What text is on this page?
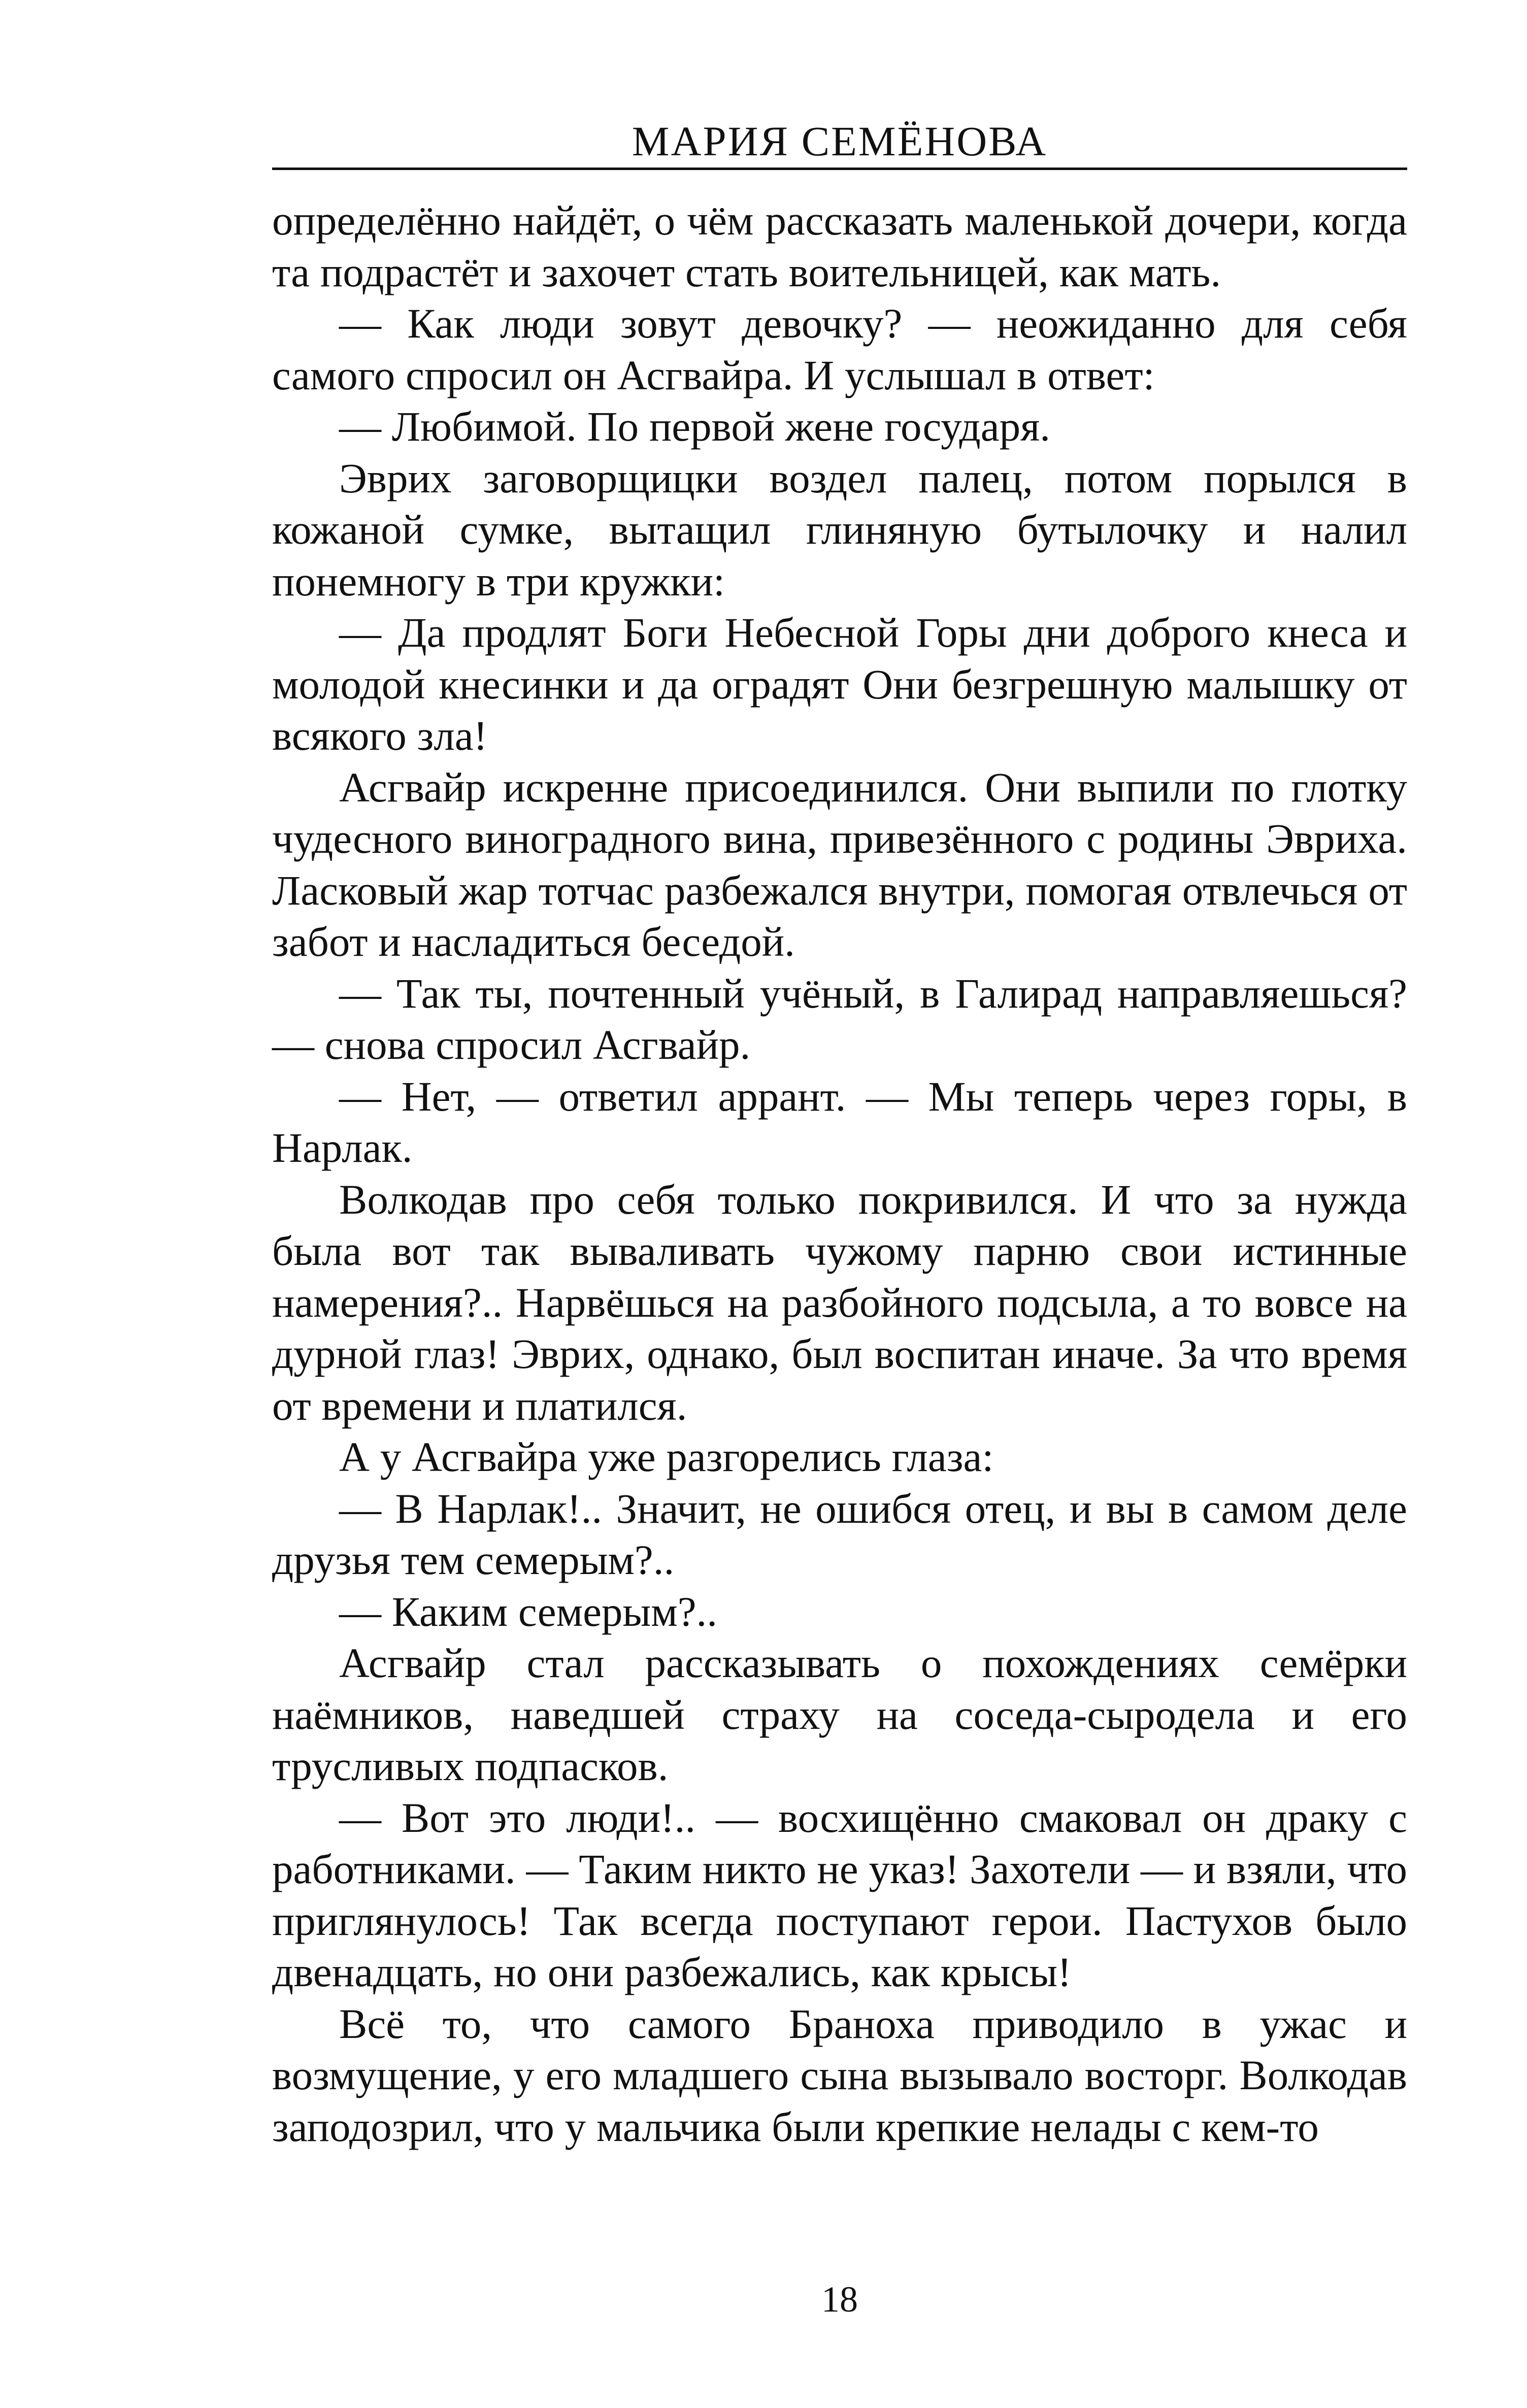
МАРИЯ СЕМЁНОВА

определённо найдёт, о чём рассказать маленькой дочери, когда та подрастёт и захочет стать воительницей, как мать.

— Как люди зовут девочку? — неожиданно для себя самого спросил он Асгвайра. И услышал в ответ:

— Любимой. По первой жене государя.

Эврих заговорщицки воздел палец, потом порылся в кожаной сумке, вытащил глиняную бутылочку и налил понемногу в три кружки:

— Да продлят Боги Небесной Горы дни доброго кнеса и молодой кнесинки и да оградят Они безгрешную малышку от всякого зла!

Асгвайр искренне присоединился. Они выпили по глотку чудесного виноградного вина, привезённого с родины Эвриха. Ласковый жар тотчас разбежался внутри, помогая отвлечься от забот и насладиться беседой.

— Так ты, почтенный учёный, в Галирад направляешься? — снова спросил Асгвайр.

— Нет, — ответил аррант. — Мы теперь через горы, в Нарлак.

Волкодав про себя только покривился. И что за нужда была вот так вываливать чужому парню свои истинные намерения?.. Нарвёшься на разбойного подсыла, а то вовсе на дурной глаз! Эврих, однако, был воспитан иначе. За что время от времени и платился.

А у Асгвайра уже разгорелись глаза:

— В Нарлак!.. Значит, не ошибся отец, и вы в самом деле друзья тем семерым?..

— Каким семерым?..

Асгвайр стал рассказывать о похождениях семёрки наёмников, наведшей страху на соседа-сыродела и его трусливых подпасков.

— Вот это люди!.. — восхищённо смаковал он драку с работниками. — Таким никто не указ! Захотели — и взяли, что приглянулось! Так всегда поступают герои. Пастухов было двенадцать, но они разбежались, как крысы!

Всё то, что самого Браноха приводило в ужас и возмущение, у его младшего сына вызывало восторг. Волкодав заподозрил, что у мальчика были крепкие нелады с кем-то

18
